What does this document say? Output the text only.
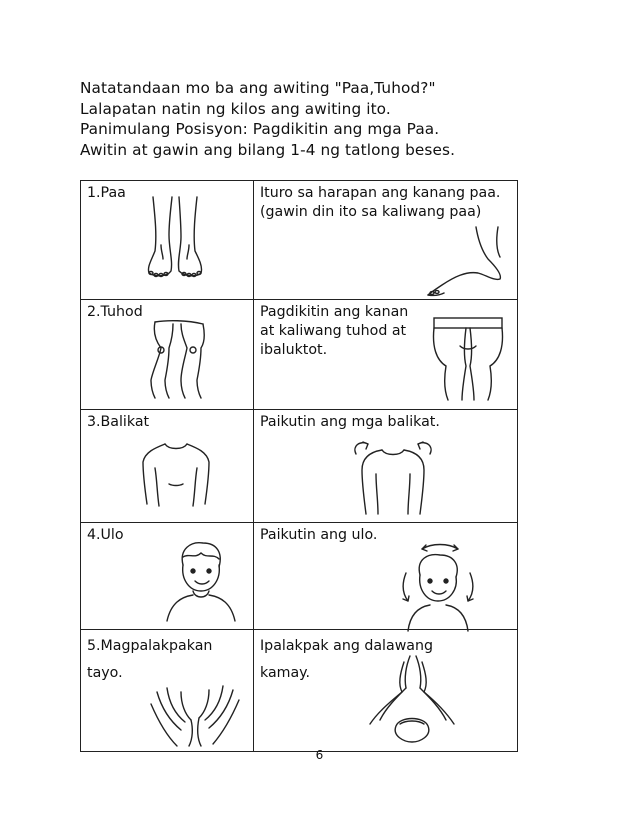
Natatandaan mo ba ang awiting "Paa,Tuhod?"

Lalapatan natin ng kilos ang awiting ito.

Panimulang Posisyon: Pagdikitin ang mga Paa.

Awitin at gawin ang bilang 1-4 ng tatlong beses.

1.Paa	Ituro sa harapan ang kanang paa.(gawin din ito sa kaliwang paa)

2.Tuhod	Pagdikitin ang kanan at kaliwang tuhod at ibaluktot.

3.Balikat	Paikutin ang mga balikat.

4.Ulo	Paikutin ang ulo.

5.Magpalakpakan tayo.	Ipalakpak ang dalawang kamay.
6
